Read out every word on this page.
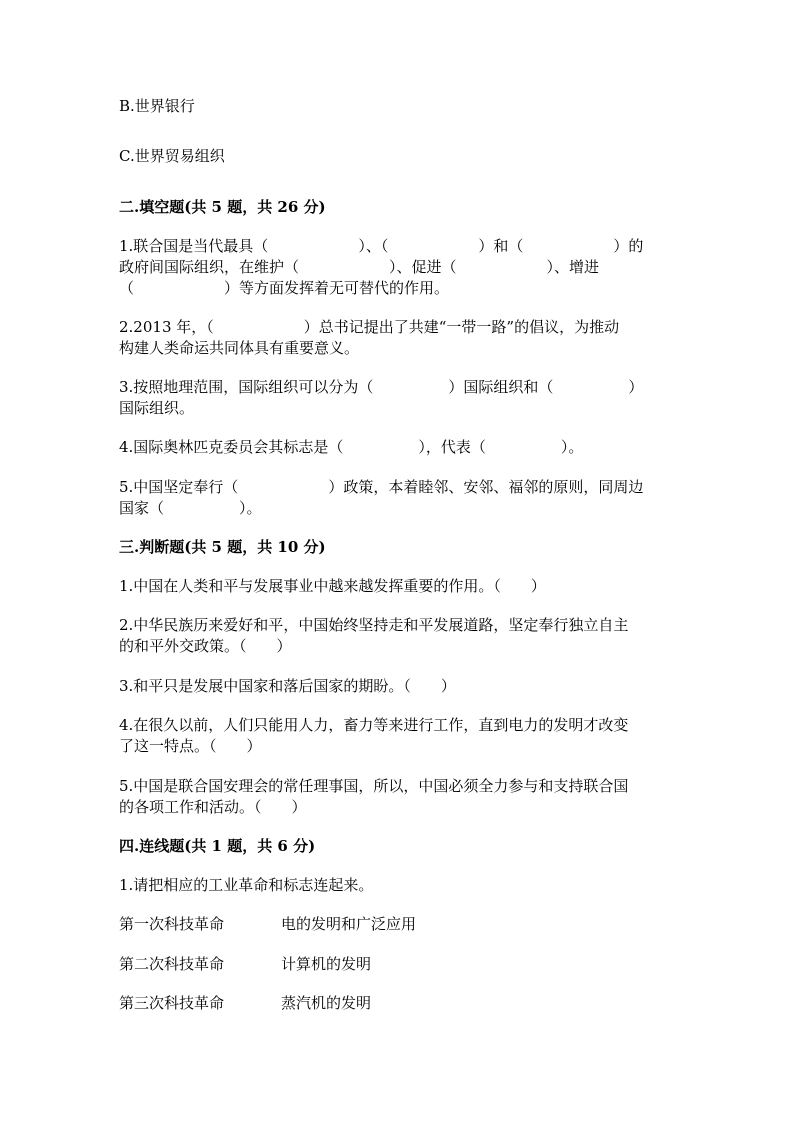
B.世界银行
C.世界贸易组织
二.填空题(共 5 题，共 26 分)
1.联合国是当代最具（　　　　　　）、（　　　　　　）和（　　　　　　）的
政府间国际组织，在维护（　　　　　　）、促进（　　　　　　）、增进
（　　　　　　）等方面发挥着无可替代的作用。
2.2013 年，（　　　　　　）总书记提出了共建“一带一路”的倡议，为推动
构建人类命运共同体具有重要意义。
3.按照地理范围，国际组织可以分为（　　　　　）国际组织和（　　　　　）
国际组织。
4.国际奥林匹克委员会其标志是（　　　　　），代表（　　　　　）。
5.中国坚定奉行（　　　　　　）政策，本着睦邻、安邻、福邻的原则，同周边
国家（　　　　　）。
三.判断题(共 5 题，共 10 分)
1.中国在人类和平与发展事业中越来越发挥重要的作用。（　　）
2.中华民族历来爱好和平，中国始终坚持走和平发展道路，坚定奉行独立自主
的和平外交政策。（　　）
3.和平只是发展中国家和落后国家的期盼。（　　）
4.在很久以前，人们只能用人力，畜力等来进行工作，直到电力的发明才改变
了这一特点。（　　）
5.中国是联合国安理会的常任理事国，所以，中国必须全力参与和支持联合国
的各项工作和活动。（　　）
四.连线题(共 1 题，共 6 分)
1.请把相应的工业革命和标志连起来。
第一次科技革命	电的发明和广泛应用
第二次科技革命	计算机的发明
第三次科技革命	蒸汽机的发明
